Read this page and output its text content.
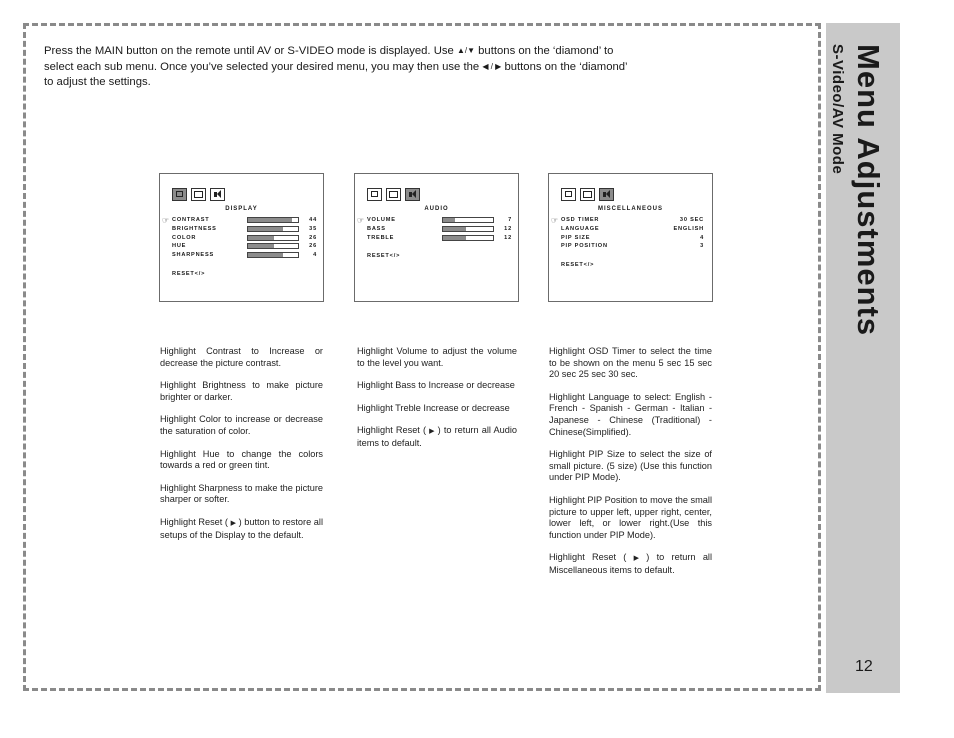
Menu Adjustments
S-Video/AV Mode
12

Press the MAIN button on the remote until AV or S-VIDEO mode is displayed. Use ▲/▼ buttons on the ‘diamond’ to

select each sub menu. Once you’ve selected your desired menu, you may then use the ◀ / ▶ buttons on the ‘diamond’

to adjust the settings.

DISPLAY
CONTRAST	44
BRIGHTNESS	35
COLOR	26
HUE	26
SHARPNESS	4
RESET</>
☞
AUDIO
VOLUME	7
BASS	12
TREBLE	12
RESET</>
☞
MISCELLANEOUS
OSD TIMER	30 SEC
LANGUAGE	ENGLISH
PIP SIZE	4
PIP POSITION	3
RESET</>
☞

Highlight Contrast to Increase or decrease the picture contrast.

Highlight Brightness to make picture brighter or darker.

Highlight Color to increase or decrease the saturation of color.

Highlight Hue to change the colors towards a red or green tint.

Highlight Sharpness to make the picture sharper or softer.

Highlight Reset ( ▶ ) button to restore all setups of the Display to the default.

Highlight Volume to adjust the volume to the level you want.

Highlight Bass to Increase or decrease

Highlight Treble Increase or decrease

Highlight Reset ( ▶ ) to return all Audio items to default.

Highlight OSD Timer to select the time to be shown on the menu 5 sec 15 sec 20 sec 25 sec 30 sec.

Highlight Language to select: English - French - Spanish - German - Italian - Japanese - Chinese (Traditional) - Chinese(Simplified).

Highlight PIP Size to select the size of small picture. (5 size) (Use this function under PIP Mode).

Highlight PIP Position to move the small picture to upper left, upper right, center, lower left, or lower right.(Use this function under PIP Mode).

Highlight Reset ( ▶ ) to return all Miscellaneous items to default.
